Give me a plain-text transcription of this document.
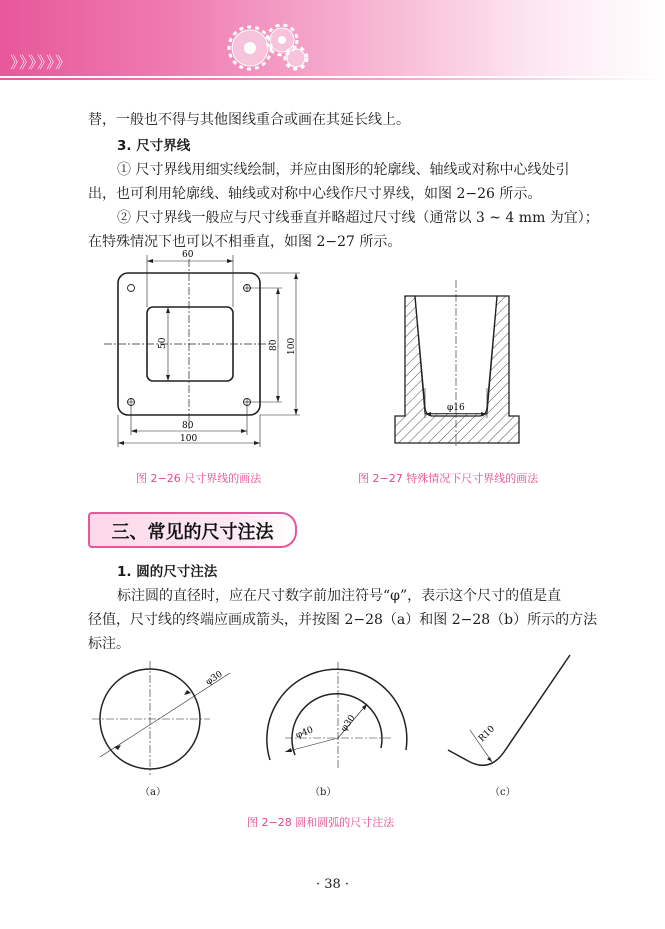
》》》》》》
替，一般也不得与其他图线重合或画在其延长线上。
3. 尺寸界线
① 尺寸界线用细实线绘制，并应由图形的轮廓线、轴线或对称中心线处引
出，也可利用轮廓线、轴线或对称中心线作尺寸界线，如图 2−26 所示。
② 尺寸界线一般应与尺寸线垂直并略超过尺寸线（通常以 3 ~ 4 mm 为宜）；
在特殊情况下也可以不相垂直，如图 2−27 所示。
60
50	80 100
80
100
图 2−26 尺寸界线的画法
φ16
图 2−27 特殊情况下尺寸界线的画法
三、常见的尺寸注法
1. 圆的尺寸注法
标注圆的直径时，应在尺寸数字前加注符号“φ”，表示这个尺寸的值是直
径值，尺寸线的终端应画成箭头，并按图 2−28（a）和图 2−28（b）所示的方法
标注。
φ30
（a）
φ40	φ30
（b）
R10
（c）
图 2−28 圆和圆弧的尺寸注法
· 38 ·
